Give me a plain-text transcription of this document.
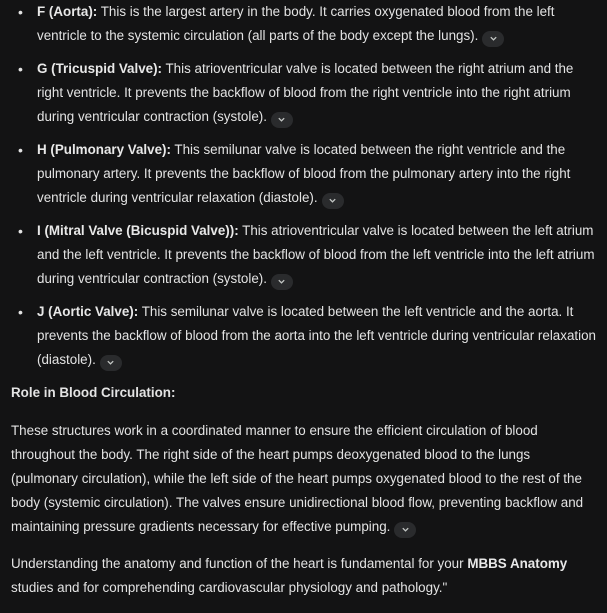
• F (Aorta): This is the largest artery in the body. It carries oxygenated blood from the left ventricle to the systemic circulation (all parts of the body except the lungs).
• G (Tricuspid Valve): This atrioventricular valve is located between the right atrium and the right ventricle. It prevents the backflow of blood from the right ventricle into the right atrium during ventricular contraction (systole).
• H (Pulmonary Valve): This semilunar valve is located between the right ventricle and the pulmonary artery. It prevents the backflow of blood from the pulmonary artery into the right ventricle during ventricular relaxation (diastole).
• I (Mitral Valve (Bicuspid Valve)): This atrioventricular valve is located between the left atrium and the left ventricle. It prevents the backflow of blood from the left ventricle into the left atrium during ventricular contraction (systole).
• J (Aortic Valve): This semilunar valve is located between the left ventricle and the aorta. It prevents the backflow of blood from the aorta into the left ventricle during ventricular relaxation (diastole).
Role in Blood Circulation:

These structures work in a coordinated manner to ensure the efficient circulation of blood throughout the body. The right side of the heart pumps deoxygenated blood to the lungs (pulmonary circulation), while the left side of the heart pumps oxygenated blood to the rest of the body (systemic circulation). The valves ensure unidirectional blood flow, preventing backflow and maintaining pressure gradients necessary for effective pumping.

Understanding the anatomy and function of the heart is fundamental for your MBBS Anatomy studies and for comprehending cardiovascular physiology and pathology."
